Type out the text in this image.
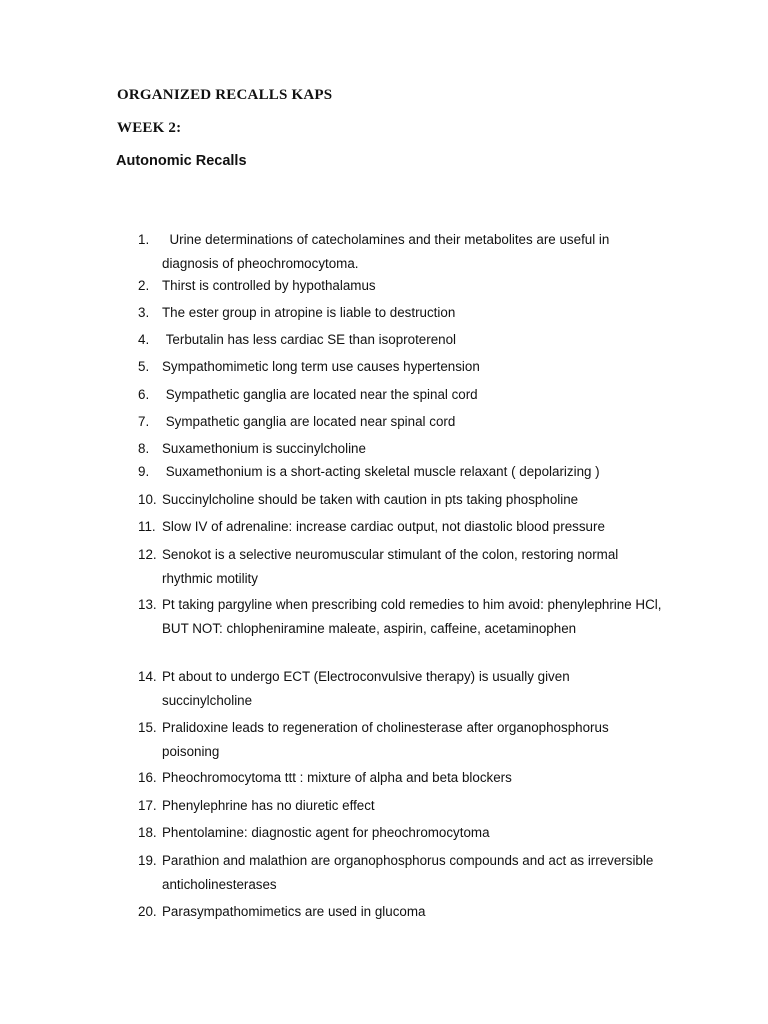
ORGANIZED RECALLS KAPS
WEEK 2:
Autonomic Recalls
1. Urine determinations of catecholamines and their metabolites are useful in diagnosis of pheochromocytoma.
2. Thirst is controlled by hypothalamus
3. The ester group in atropine is liable to destruction
4. Terbutalin has less cardiac SE than isoproterenol
5. Sympathomimetic long term use causes hypertension
6. Sympathetic ganglia are located near the spinal cord
7. Sympathetic ganglia are located near spinal cord
8. Suxamethonium is succinylcholine
9. Suxamethonium is a short-acting skeletal muscle relaxant ( depolarizing )
10. Succinylcholine should be taken with caution in pts taking phospholine
11. Slow IV of adrenaline: increase cardiac output, not diastolic blood pressure
12. Senokot is a selective neuromuscular stimulant of the colon, restoring normal rhythmic motility
13. Pt taking pargyline when prescribing cold remedies to him avoid: phenylephrine HCl, BUT NOT: chlopheniramine maleate, aspirin, caffeine, acetaminophen
14. Pt about to undergo ECT (Electroconvulsive therapy) is usually given succinylcholine
15. Pralidoxine leads to regeneration of cholinesterase after organophosphorus poisoning
16. Pheochromocytoma ttt : mixture of alpha and beta blockers
17. Phenylephrine has no diuretic effect
18. Phentolamine: diagnostic agent for pheochromocytoma
19. Parathion and malathion are organophosphorus compounds and act as irreversible anticholinesterases
20. Parasympathomimetics are used in glucoma
